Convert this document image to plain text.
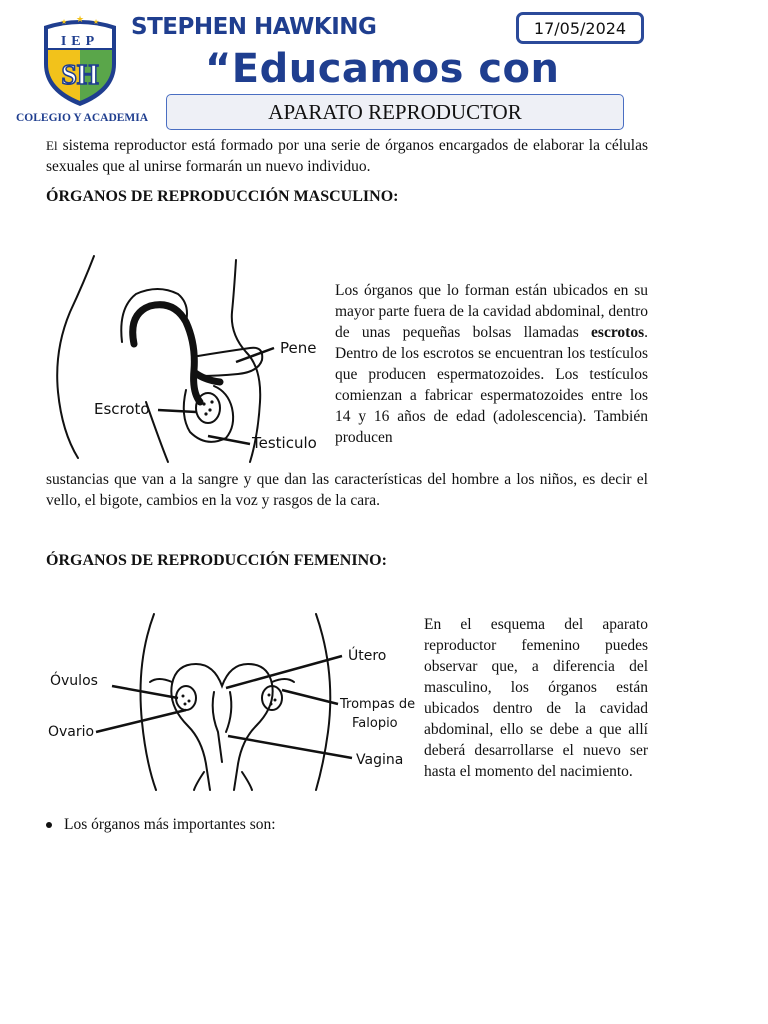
★
★	★
IEP
SH
STEPHEN HAWKING
“Educamos con
17/05/2024
COLEGIO Y ACADEMIA	APARATO REPRODUCTOR
El sistema reproductor está formado por una serie de órganos encargados de elaborar la células sexuales que al unirse formarán un nuevo individuo.
ÓRGANOS DE REPRODUCCIÓN MASCULINO:
Pene
Escroto
Testiculo
Los órganos que lo forman están ubicados en su mayor parte fuera de la cavidad abdominal, dentro de unas pequeñas bolsas llamadas escrotos. Dentro de los escrotos se encuentran los testículos que producen espermatozoides. Los testículos comienzan a fabricar espermatozoides entre los 14 y 16 años de edad (adolescencia). También producen
sustancias que van a la sangre y que dan las características del hombre a los niños, es decir el vello, el bigote, cambios en la voz y rasgos de la cara.
ÓRGANOS DE REPRODUCCIÓN FEMENINO:
Óvulos
Ovario
Útero
Trompas de
Falopio
Vagina
En el esquema del aparato reproductor femenino puedes observar que, a diferencia del masculino, los órganos están ubicados dentro de la cavidad abdominal, ello se debe a que allí deberá desarrollarse el nuevo ser hasta el momento del nacimiento.
Los órganos más importantes son:
